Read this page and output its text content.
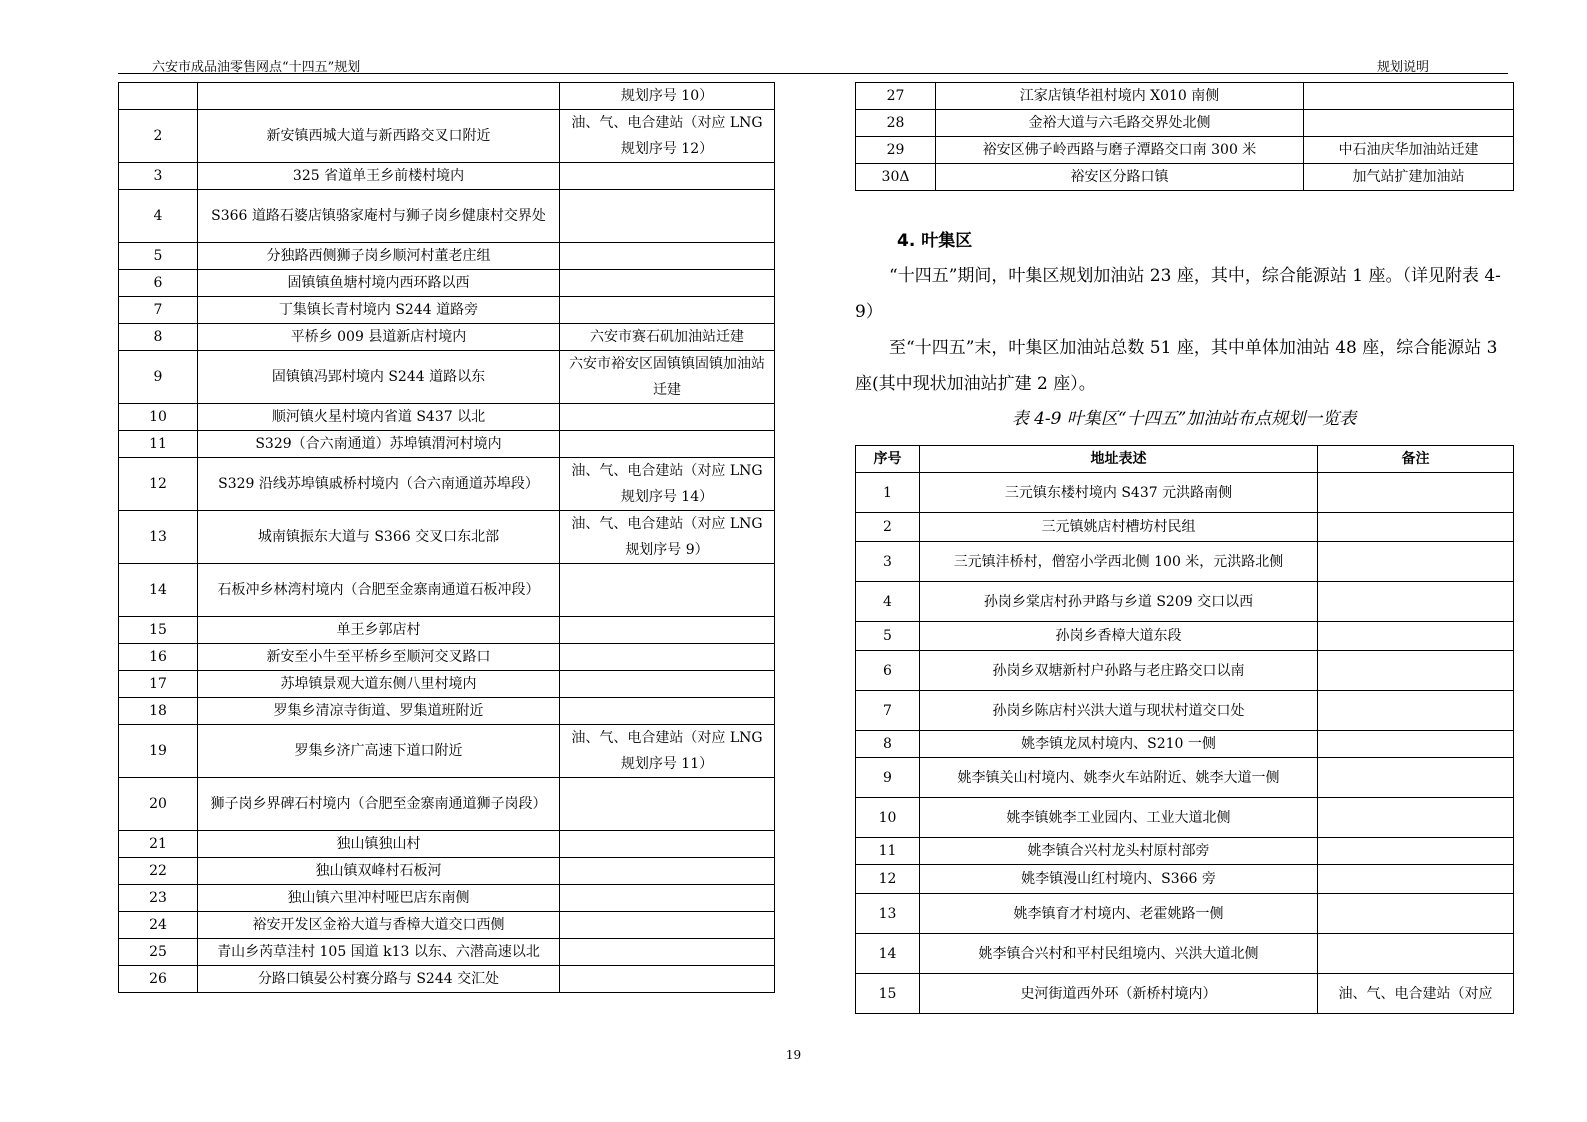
六安市成品油零售网点“十四五”规划	规划说明
		规划序号 10）
2	新安镇西城大道与新西路交叉口附近	油、气、电合建站（对应 LNG 规划序号 12）
3	325 省道单王乡前楼村境内	
4	S366 道路石婆店镇骆家庵村与狮子岗乡健康村交界处	
5	分独路西侧狮子岗乡顺河村董老庄组	
6	固镇镇鱼塘村境内西环路以西	
7	丁集镇长青村境内 S244 道路旁	
8	平桥乡 009 县道新店村境内	六安市赛石矶加油站迁建
9	固镇镇冯郢村境内 S244 道路以东	六安市裕安区固镇镇固镇加油站迁建
10	顺河镇火星村境内省道 S437 以北	
11	S329（合六南通道）苏埠镇渭河村境内	
12	S329 沿线苏埠镇戚桥村境内（合六南通道苏埠段）	油、气、电合建站（对应 LNG 规划序号 14）
13	城南镇振东大道与 S366 交叉口东北部	油、气、电合建站（对应 LNG 规划序号 9）
14	石板冲乡林湾村境内（合肥至金寨南通道石板冲段）	
15	单王乡郭店村	
16	新安至小牛至平桥乡至顺河交叉路口	
17	苏埠镇景观大道东侧八里村境内	
18	罗集乡清凉寺街道、罗集道班附近	
19	罗集乡济广高速下道口附近	油、气、电合建站（对应 LNG 规划序号 11）
20	狮子岗乡界碑石村境内（合肥至金寨南通道狮子岗段）	
21	独山镇独山村	
22	独山镇双峰村石板河	
23	独山镇六里冲村哑巴店东南侧	
24	裕安开发区金裕大道与香樟大道交口西侧	
25	青山乡芮草洼村 105 国道 k13 以东、六潜高速以北	
26	分路口镇晏公村赛分路与 S244 交汇处	
27	江家店镇华祖村境内 X010 南侧	
28	金裕大道与六毛路交界处北侧	
29	裕安区佛子岭西路与磨子潭路交口南 300 米	中石油庆华加油站迁建
30Δ	裕安区分路口镇	加气站扩建加油站
4. 叶集区

“十四五”期间，叶集区规划加油站 23 座，其中，综合能源站 1 座。（详见附表 4-9）

至“十四五”末，叶集区加油站总数 51 座，其中单体加油站 48 座，综合能源站 3 座(其中现状加油站扩建 2 座）。

表 4-9 叶集区“十四五”加油站布点规划一览表
序号	地址表述	备注
1	三元镇东楼村境内 S437 元洪路南侧	
2	三元镇姚店村槽坊村民组	
3	三元镇沣桥村，僧窑小学西北侧 100 米，元洪路北侧	
4	孙岗乡棠店村孙尹路与乡道 S209 交口以西	
5	孙岗乡香樟大道东段	
6	孙岗乡双塘新村户孙路与老庄路交口以南	
7	孙岗乡陈店村兴洪大道与现状村道交口处	
8	姚李镇龙凤村境内、S210 一侧	
9	姚李镇关山村境内、姚李火车站附近、姚李大道一侧	
10	姚李镇姚李工业园内、工业大道北侧	
11	姚李镇合兴村龙头村原村部旁	
12	姚李镇漫山红村境内、S366 旁	
13	姚李镇育才村境内、老霍姚路一侧	
14	姚李镇合兴村和平村民组境内、兴洪大道北侧	
15	史河街道西外环（新桥村境内）	油、气、电合建站（对应
19
